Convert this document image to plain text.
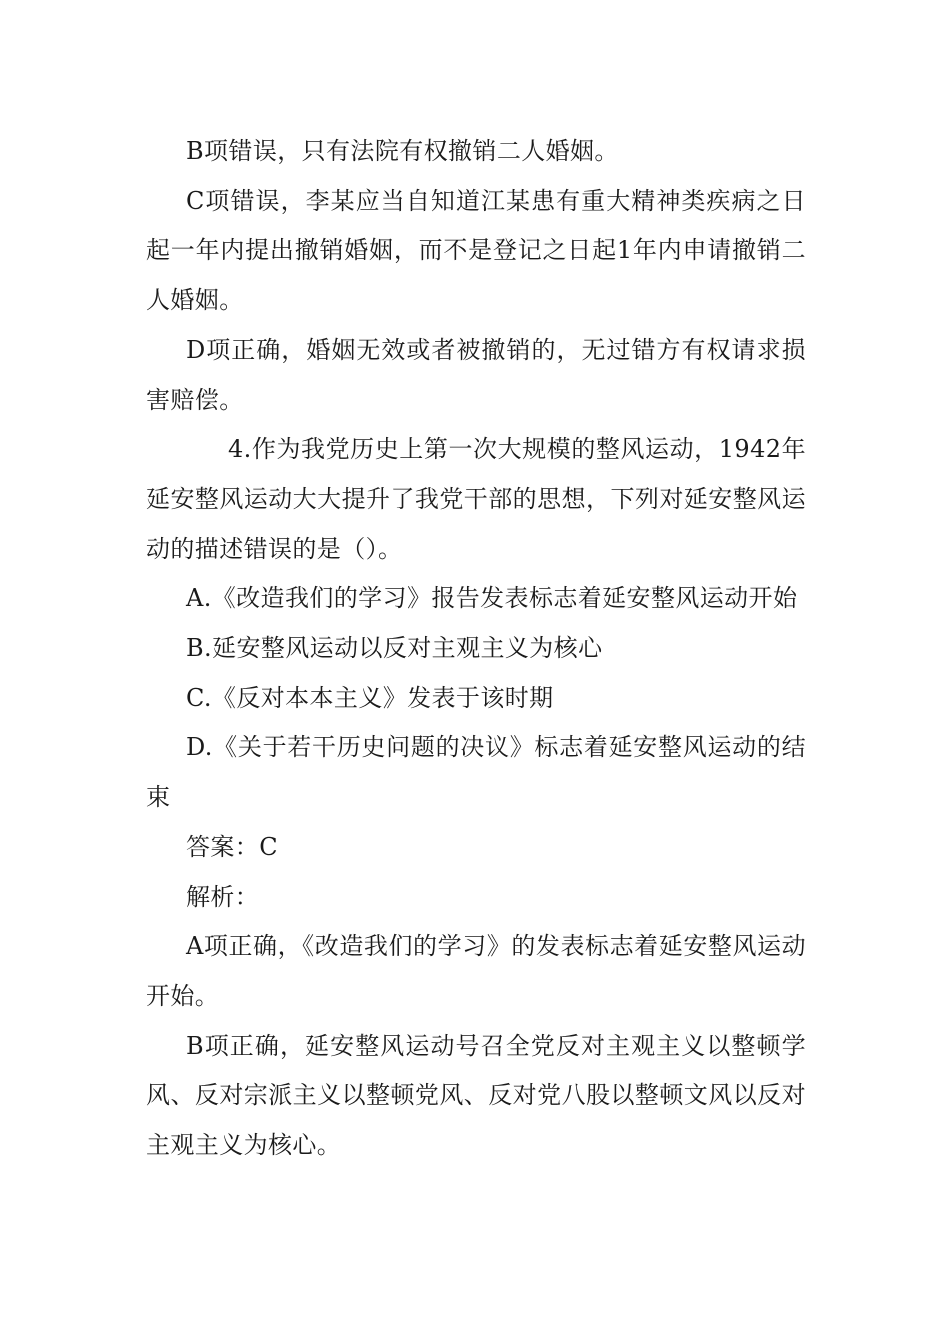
B项错误，只有法院有权撤销二人婚姻。

C项错误，李某应当自知道江某患有重大精神类疾病之日起一年内提出撤销婚姻，而不是登记之日起1年内申请撤销二人婚姻。

D项正确，婚姻无效或者被撤销的，无过错方有权请求损害赔偿。

4.作为我党历史上第一次大规模的整风运动，1942年延安整风运动大大提升了我党干部的思想，下列对延安整风运动的描述错误的是（）。

A.《改造我们的学习》报告发表标志着延安整风运动开始

B.延安整风运动以反对主观主义为核心

C.《反对本本主义》发表于该时期

D.《关于若干历史问题的决议》标志着延安整风运动的结束

答案：C

解析：

A项正确，《改造我们的学习》的发表标志着延安整风运动开始。

B项正确，延安整风运动号召全党反对主观主义以整顿学风、反对宗派主义以整顿党风、反对党八股以整顿文风以反对主观主义为核心。
